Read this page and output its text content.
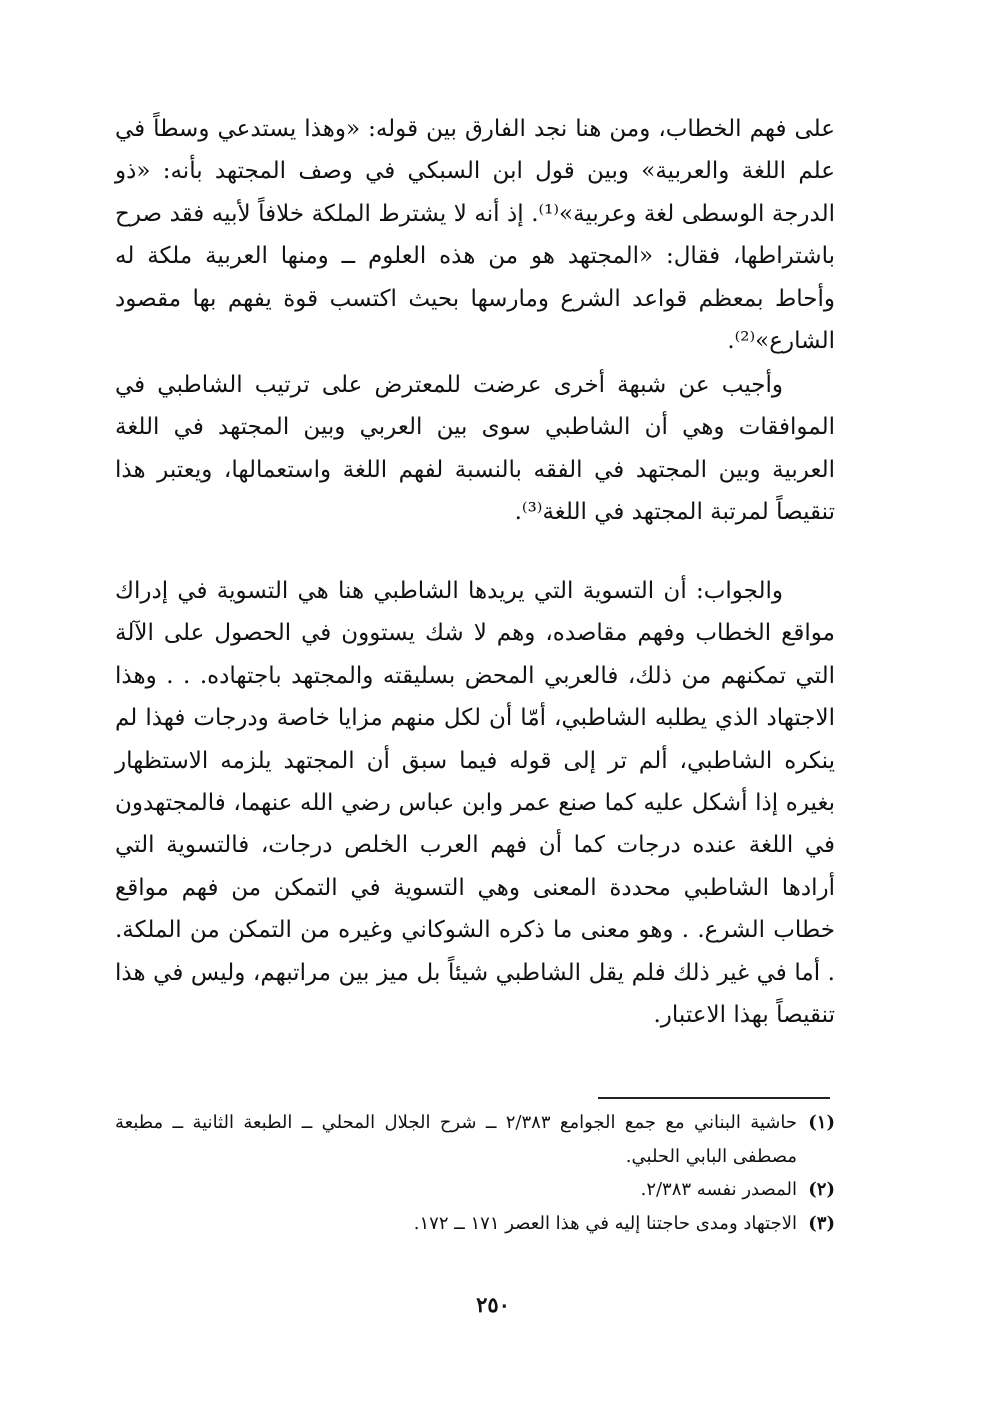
على فهم الخطاب، ومن هنا نجد الفارق بين قوله: «وهذا يستدعي وسطاً في علم اللغة والعربية» وبين قول ابن السبكي في وصف المجتهد بأنه: «ذو الدرجة الوسطى لغة وعربية»⁽¹⁾. إذ أنه لا يشترط الملكة خلافاً لأبيه فقد صرح باشتراطها، فقال: «المجتهد هو من هذه العلوم ــ ومنها العربية ملكة له وأحاط بمعظم قواعد الشرع ومارسها بحيث اكتسب قوة يفهم بها مقصود الشارع»⁽²⁾.

وأجيب عن شبهة أخرى عرضت للمعترض على ترتيب الشاطبي في الموافقات وهي أن الشاطبي سوى بين العربي وبين المجتهد في اللغة العربية وبين المجتهد في الفقه بالنسبة لفهم اللغة واستعمالها، ويعتبر هذا تنقيصاً لمرتبة المجتهد في اللغة⁽³⁾.

والجواب: أن التسوية التي يريدها الشاطبي هنا هي التسوية في إدراك مواقع الخطاب وفهم مقاصده، وهم لا شك يستوون في الحصول على الآلة التي تمكنهم من ذلك، فالعربي المحض بسليقته والمجتهد باجتهاده. . . وهذا الاجتهاد الذي يطلبه الشاطبي، أمّا أن لكل منهم مزايا خاصة ودرجات فهذا لم ينكره الشاطبي، ألم تر إلى قوله فيما سبق أن المجتهد يلزمه الاستظهار بغيره إذا أشكل عليه كما صنع عمر وابن عباس رضي الله عنهما، فالمجتهدون في اللغة عنده درجات كما أن فهم العرب الخلص درجات، فالتسوية التي أرادها الشاطبي محددة المعنى وهي التسوية في التمكن من فهم مواقع خطاب الشرع. . وهو معنى ما ذكره الشوكاني وغيره من التمكن من الملكة. . أما في غير ذلك فلم يقل الشاطبي شيئاً بل ميز بين مراتبهم، وليس في هذا تنقيصاً بهذا الاعتبار.

(١)
حاشية البناني مع جمع الجوامع ٢/٣٨٣ ــ شرح الجلال المحلي ــ الطبعة الثانية ــ مطبعة مصطفى البابي الحلبي.
(٢)
المصدر نفسه ٢/٣٨٣.
(٣)
الاجتهاد ومدى حاجتنا إليه في هذا العصر ١٧١ ــ ١٧٢.
٢٥٠
